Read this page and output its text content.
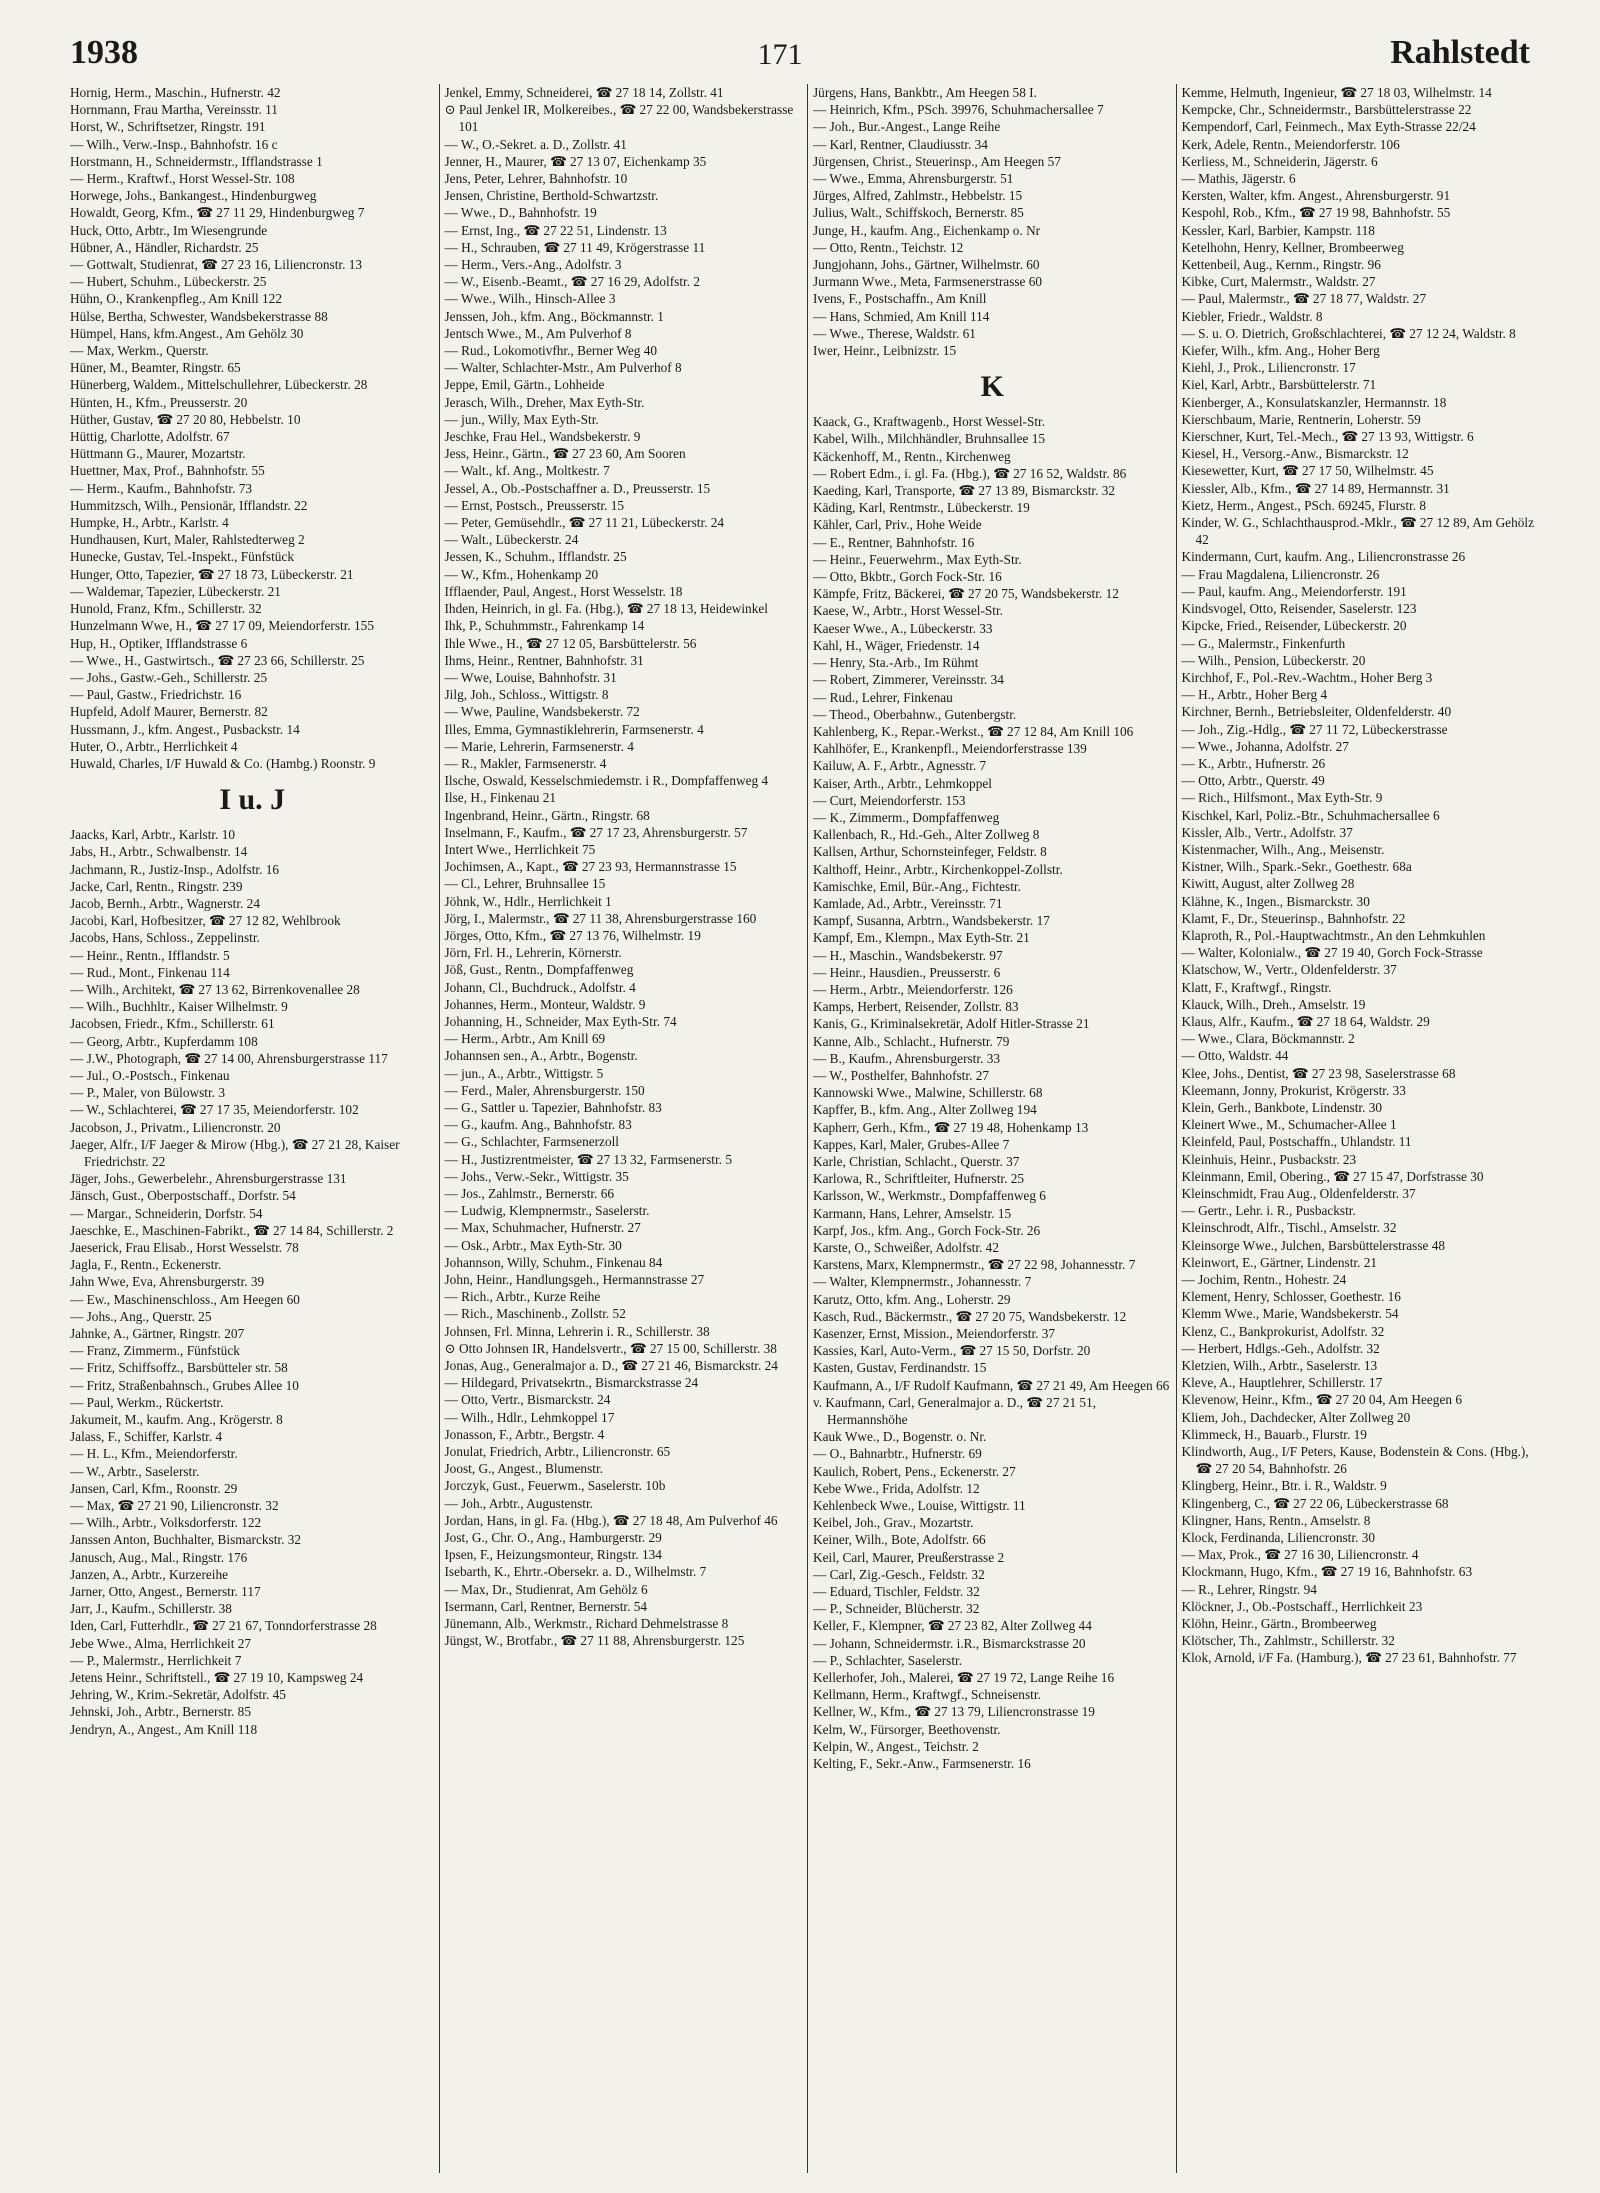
1938	171	Rahlstedt
Hornig, Herm., Maschin., Hufnerstr. 42
Hornmann, Frau Martha, Vereinsstr. 11
Horst, W., Schriftsetzer, Ringstr. 191
— Wilh., Verw.-Insp., Bahnhofstr. 16 c
Horstmann, H., Schneidermstr., Ifflandstrasse 1
— Herm., Kraftwf., Horst Wessel-Str. 108
Horwege, Johs., Bankangest., Hindenburgweg
Howaldt, Georg, Kfm., ☎ 27 11 29, Hindenburgweg 7
Huck, Otto, Arbtr., Im Wiesengrunde
Hübner, A., Händler, Richardstr. 25
— Gottwalt, Studienrat, ☎ 27 23 16, Liliencronstr. 13
— Hubert, Schuhm., Lübeckerstr. 25
Hühn, O., Krankenpfleg., Am Knill 122
Hülse, Bertha, Schwester, Wandsbekerstrasse 88
Hümpel, Hans, kfm.Angest., Am Gehölz 30
— Max, Werkm., Querstr.
Hüner, M., Beamter, Ringstr. 65
Hünerberg, Waldem., Mittelschullehrer, Lübeckerstr. 28
Hünten, H., Kfm., Preusserstr. 20
Hüther, Gustav, ☎ 27 20 80, Hebbelstr. 10
Hüttig, Charlotte, Adolfstr. 67
Hüttmann G., Maurer, Mozartstr.
Huettner, Max, Prof., Bahnhofstr. 55
— Herm., Kaufm., Bahnhofstr. 73
Hummitzsch, Wilh., Pensionär, Ifflandstr. 22
Humpke, H., Arbtr., Karlstr. 4
Hundhausen, Kurt, Maler, Rahlstedterweg 2
Hunecke, Gustav, Tel.-Inspekt., Fünfstück
Hunger, Otto, Tapezier, ☎ 27 18 73, Lübeckerstr. 21
— Waldemar, Tapezier, Lübeckerstr. 21
Hunold, Franz, Kfm., Schillerstr. 32
Hunzelmann Wwe, H., ☎ 27 17 09, Meiendorferstr. 155
Hup, H., Optiker, Ifflandstrasse 6
— Wwe., H., Gastwirtsch., ☎ 27 23 66, Schillerstr. 25
— Johs., Gastw.-Geh., Schillerstr. 25
— Paul, Gastw., Friedrichstr. 16
Hupfeld, Adolf Maurer, Bernerstr. 82
Hussmann, J., kfm. Angest., Pusbackstr. 14
Huter, O., Arbtr., Herrlichkeit 4
Huwald, Charles, I/F Huwald & Co. (Hambg.) Roonstr. 9
I u. J
Jaacks, Karl, Arbtr., Karlstr. 10
Jabs, H., Arbtr., Schwalbenstr. 14
Jachmann, R., Justiz-Insp., Adolfstr. 16
Jacke, Carl, Rentn., Ringstr. 239
Jacob, Bernh., Arbtr., Wagnerstr. 24
Jacobi, Karl, Hofbesitzer, ☎ 27 12 82, Wehlbrook
Jacobs, Hans, Schloss., Zeppelinstr.
— Heinr., Rentn., Ifflandstr. 5
— Rud., Mont., Finkenau 114
— Wilh., Architekt, ☎ 27 13 62, Birrenkovenallee 28
— Wilh., Buchhltr., Kaiser Wilhelmstr. 9
Jacobsen, Friedr., Kfm., Schillerstr. 61
— Georg, Arbtr., Kupferdamm 108
— J.W., Photograph, ☎ 27 14 00, Ahrensburgerstrasse 117
— Jul., O.-Postsch., Finkenau
— P., Maler, von Bülowstr. 3
— W., Schlachterei, ☎ 27 17 35, Meiendorferstr. 102
Jacobson, J., Privatm., Liliencronstr. 20
Jaeger, Alfr., I/F Jaeger & Mirow (Hbg.), ☎ 27 21 28, Kaiser Friedrichstr. 22
Jäger, Johs., Gewerbelehr., Ahrensburgerstrasse 131
Jänsch, Gust., Oberpostschaff., Dorfstr. 54
— Margar., Schneiderin, Dorfstr. 54
Jaeschke, E., Maschinen-Fabrikt., ☎ 27 14 84, Schillerstr. 2
Jaeserick, Frau Elisab., Horst Wesselstr. 78
Jagla, F., Rentn., Eckenerstr.
Jahn Wwe, Eva, Ahrensburgerstr. 39
— Ew., Maschinenschloss., Am Heegen 60
— Johs., Ang., Querstr. 25
Jahnke, A., Gärtner, Ringstr. 207
— Franz, Zimmerm., Fünfstück
— Fritz, Schiffsoffz., Barsbütteler str. 58
— Fritz, Straßenbahnsch., Grubes Allee 10
— Paul, Werkm., Rückertstr.
Jakumeit, M., kaufm. Ang., Krögerstr. 8
Jalass, F., Schiffer, Karlstr. 4
— H. L., Kfm., Meiendorferstr.
— W., Arbtr., Saselerstr.
Jansen, Carl, Kfm., Roonstr. 29
— Max, ☎ 27 21 90, Liliencronstr. 32
— Wilh., Arbtr., Volksdorferstr. 122
Janssen Anton, Buchhalter, Bismarckstr. 32
Janusch, Aug., Mal., Ringstr. 176
Janzen, A., Arbtr., Kurzereihe
Jarner, Otto, Angest., Bernerstr. 117
Jarr, J., Kaufm., Schillerstr. 38
Iden, Carl, Futterhdlr., ☎ 27 21 67, Tonndorferstrasse 28
Jebe Wwe., Alma, Herrlichkeit 27
— P., Malermstr., Herrlichkeit 7
Jetens Heinr., Schriftstell., ☎ 27 19 10, Kampsweg 24
Jehring, W., Krim.-Sekretär, Adolfstr. 45
Jehnski, Joh., Arbtr., Bernerstr. 85
Jendryn, A., Angest., Am Knill 118
Jenkel, Emmy, Schneiderei, ☎ 27 18 14, Zollstr. 41
⊙ Paul Jenkel IR, Molkereibes., ☎ 27 22 00, Wandsbekerstrasse 101
— W., O.-Sekret. a. D., Zollstr. 41
Jenner, H., Maurer, ☎ 27 13 07, Eichenkamp 35
Jens, Peter, Lehrer, Bahnhofstr. 10
Jensen, Christine, Berthold-Schwartzstr.
— Wwe., D., Bahnhofstr. 19
— Ernst, Ing., ☎ 27 22 51, Lindenstr. 13
— H., Schrauben, ☎ 27 11 49, Krögerstrasse 11
— Herm., Vers.-Ang., Adolfstr. 3
— W., Eisenb.-Beamt., ☎ 27 16 29, Adolfstr. 2
— Wwe., Wilh., Hinsch-Allee 3
Jenssen, Joh., kfm. Ang., Böckmannstr. 1
Jentsch Wwe., M., Am Pulverhof 8
— Rud., Lokomotivfhr., Berner Weg 40
— Walter, Schlachter-Mstr., Am Pulverhof 8
Jeppe, Emil, Gärtn., Lohheide
Jerasch, Wilh., Dreher, Max Eyth-Str.
— jun., Willy, Max Eyth-Str.
Jeschke, Frau Hel., Wandsbekerstr. 9
Jess, Heinr., Gärtn., ☎ 27 23 60, Am Sooren
— Walt., kf. Ang., Moltkestr. 7
Jessel, A., Ob.-Postschaffner a. D., Preusserstr. 15
— Ernst, Postsch., Preusserstr. 15
— Peter, Gemüsehdlr., ☎ 27 11 21, Lübeckerstr. 24
— Walt., Lübeckerstr. 24
Jessen, K., Schuhm., Ifflandstr. 25
— W., Kfm., Hohenkamp 20
Ifflaender, Paul, Angest., Horst Wesselstr. 18
Ihden, Heinrich, in gl. Fa. (Hbg.), ☎ 27 18 13, Heidewinkel
Ihk, P., Schuhmmstr., Fahrenkamp 14
Ihle Wwe., H., ☎ 27 12 05, Barsbüttelerstr. 56
Ihms, Heinr., Rentner, Bahnhofstr. 31
— Wwe, Louise, Bahnhofstr. 31
Jilg, Joh., Schloss., Wittigstr. 8
— Wwe, Pauline, Wandsbekerstr. 72
Illes, Emma, Gymnastiklehrerin, Farmsenerstr. 4
— Marie, Lehrerin, Farmsenerstr. 4
— R., Makler, Farmsenerstr. 4
Ilsche, Oswald, Kesselschmiedemstr. i R., Dompfaffenweg 4
Ilse, H., Finkenau 21
Ingenbrand, Heinr., Gärtn., Ringstr. 68
Inselmann, F., Kaufm., ☎ 27 17 23, Ahrensburgerstr. 57
Intert Wwe., Herrlichkeit 75
Jochimsen, A., Kapt., ☎ 27 23 93, Hermannstrasse 15
— Cl., Lehrer, Bruhnsallee 15
Jöhnk, W., Hdlr., Herrlichkeit 1
Jörg, I., Malermstr., ☎ 27 11 38, Ahrensburgerstrasse 160
Jörges, Otto, Kfm., ☎ 27 13 76, Wilhelmstr. 19
Jörn, Frl. H., Lehrerin, Körnerstr.
Jöß, Gust., Rentn., Dompfaffenweg
Johann, Cl., Buchdruck., Adolfstr. 4
Johannes, Herm., Monteur, Waldstr. 9
Johanning, H., Schneider, Max Eyth-Str. 74
— Herm., Arbtr., Am Knill 69
Johannsen sen., A., Arbtr., Bogenstr.
— jun., A., Arbtr., Wittigstr. 5
— Ferd., Maler, Ahrensburgerstr. 150
— G., Sattler u. Tapezier, Bahnhofstr. 83
— G., kaufm. Ang., Bahnhofstr. 83
— G., Schlachter, Farmsenerzoll
— H., Justizrentmeister, ☎ 27 13 32, Farmsenerstr. 5
— Johs., Verw.-Sekr., Wittigstr. 35
— Jos., Zahlmstr., Bernerstr. 66
— Ludwig, Klempnermstr., Saselerstr.
— Max, Schuhmacher, Hufnerstr. 27
— Osk., Arbtr., Max Eyth-Str. 30
Johannson, Willy, Schuhm., Finkenau 84
John, Heinr., Handlungsgeh., Hermannstrasse 27
— Rich., Arbtr., Kurze Reihe
— Rich., Maschinenb., Zollstr. 52
Johnsen, Frl. Minna, Lehrerin i. R., Schillerstr. 38
⊙ Otto Johnsen IR, Handelsvertr., ☎ 27 15 00, Schillerstr. 38
Jonas, Aug., Generalmajor a. D., ☎ 27 21 46, Bismarckstr. 24
— Hildegard, Privatsekrtn., Bismarckstrasse 24
— Otto, Vertr., Bismarckstr. 24
— Wilh., Hdlr., Lehmkoppel 17
Jonasson, F., Arbtr., Bergstr. 4
Jonulat, Friedrich, Arbtr., Liliencronstr. 65
Joost, G., Angest., Blumenstr.
Jorczyk, Gust., Feuerwm., Saselerstr. 10b
— Joh., Arbtr., Augustenstr.
Jordan, Hans, in gl. Fa. (Hbg.), ☎ 27 18 48, Am Pulverhof 46
Jost, G., Chr. O., Ang., Hamburgerstr. 29
Ipsen, F., Heizungsmonteur, Ringstr. 134
Isebarth, K., Ehrtr.-Obersekr. a. D., Wilhelmstr. 7
— Max, Dr., Studienrat, Am Gehölz 6
Isermann, Carl, Rentner, Bernerstr. 54
Jünemann, Alb., Werkmstr., Richard Dehmelstrasse 8
Jüngst, W., Brotfabr., ☎ 27 11 88, Ahrensburgerstr. 125
Jürgens, Hans, Bankbtr., Am Heegen 58 I.
— Heinrich, Kfm., PSch. 39976, Schuhmachersallee 7
— Joh., Bur.-Angest., Lange Reihe
— Karl, Rentner, Claudiusstr. 34
Jürgensen, Christ., Steuerinsp., Am Heegen 57
— Wwe., Emma, Ahrensburgerstr. 51
Jürges, Alfred, Zahlmstr., Hebbelstr. 15
Julius, Walt., Schiffskoch, Bernerstr. 85
Junge, H., kaufm. Ang., Eichenkamp o. Nr
— Otto, Rentn., Teichstr. 12
Jungjohann, Johs., Gärtner, Wilhelmstr. 60
Jurmann Wwe., Meta, Farmsenerstrasse 60
Ivens, F., Postschaffn., Am Knill
— Hans, Schmied, Am Knill 114
— Wwe., Therese, Waldstr. 61
Iwer, Heinr., Leibnizstr. 15
K
Kaack, G., Kraftwagenb., Horst Wessel-Str.
Kabel, Wilh., Milchhändler, Bruhnsallee 15
Käckenhoff, M., Rentn., Kirchenweg
— Robert Edm., i. gl. Fa. (Hbg.), ☎ 27 16 52, Waldstr. 86
Kaeding, Karl, Transporte, ☎ 27 13 89, Bismarckstr. 32
Käding, Karl, Rentmstr., Lübeckerstr. 19
Kähler, Carl, Priv., Hohe Weide
— E., Rentner, Bahnhofstr. 16
— Heinr., Feuerwehrm., Max Eyth-Str.
— Otto, Bkbtr., Gorch Fock-Str. 16
Kämpfe, Fritz, Bäckerei, ☎ 27 20 75, Wandsbekerstr. 12
Kaese, W., Arbtr., Horst Wessel-Str.
Kaeser Wwe., A., Lübeckerstr. 33
Kahl, H., Wäger, Friedenstr. 14
— Henry, Sta.-Arb., Im Rühmt
— Robert, Zimmerer, Vereinsstr. 34
— Rud., Lehrer, Finkenau
— Theod., Oberbahnw., Gutenbergstr.
Kahlenberg, K., Repar.-Werkst., ☎ 27 12 84, Am Knill 106
Kahlhöfer, E., Krankenpfl., Meiendorferstrasse 139
Kailuw, A. F., Arbtr., Agnesstr. 7
Kaiser, Arth., Arbtr., Lehmkoppel
— Curt, Meiendorferstr. 153
— K., Zimmerm., Dompfaffenweg
Kallenbach, R., Hd.-Geh., Alter Zollweg 8
Kallsen, Arthur, Schornsteinfeger, Feldstr. 8
Kalthoff, Heinr., Arbtr., Kirchenkoppel-Zollstr.
Kamischke, Emil, Bür.-Ang., Fichtestr.
Kamlade, Ad., Arbtr., Vereinsstr. 71
Kampf, Susanna, Arbtrn., Wandsbekerstr. 17
Kampf, Em., Klempn., Max Eyth-Str. 21
— H., Maschin., Wandsbekerstr. 97
— Heinr., Hausdien., Preusserstr. 6
— Herm., Arbtr., Meiendorferstr. 126
Kamps, Herbert, Reisender, Zollstr. 83
Kanis, G., Kriminalsekretär, Adolf Hitler-Strasse 21
Kanne, Alb., Schlacht., Hufnerstr. 79
— B., Kaufm., Ahrensburgerstr. 33
— W., Posthelfer, Bahnhofstr. 27
Kannowski Wwe., Malwine, Schillerstr. 68
Kapffer, B., kfm. Ang., Alter Zollweg 194
Kapherr, Gerh., Kfm., ☎ 27 19 48, Hohenkamp 13
Kappes, Karl, Maler, Grubes-Allee 7
Karle, Christian, Schlacht., Querstr. 37
Karlowa, R., Schriftleiter, Hufnerstr. 25
Karlsson, W., Werkmstr., Dompfaffenweg 6
Karmann, Hans, Lehrer, Amselstr. 15
Karpf, Jos., kfm. Ang., Gorch Fock-Str. 26
Karste, O., Schweißer, Adolfstr. 42
Karstens, Marx, Klempnermstr., ☎ 27 22 98, Johannesstr. 7
— Walter, Klempnermstr., Johannesstr. 7
Karutz, Otto, kfm. Ang., Loherstr. 29
Kasch, Rud., Bäckermstr., ☎ 27 20 75, Wandsbekerstr. 12
Kasenzer, Ernst, Mission., Meiendorferstr. 37
Kassies, Karl, Auto-Verm., ☎ 27 15 50, Dorfstr. 20
Kasten, Gustav, Ferdinandstr. 15
Kaufmann, A., I/F Rudolf Kaufmann, ☎ 27 21 49, Am Heegen 66
v. Kaufmann, Carl, Generalmajor a. D., ☎ 27 21 51, Hermannshöhe
Kauk Wwe., D., Bogenstr. o. Nr.
— O., Bahnarbtr., Hufnerstr. 69
Kaulich, Robert, Pens., Eckenerstr. 27
Kebe Wwe., Frida, Adolfstr. 12
Kehlenbeck Wwe., Louise, Wittigstr. 11
Keibel, Joh., Grav., Mozartstr.
Keiner, Wilh., Bote, Adolfstr. 66
Keil, Carl, Maurer, Preußerstrasse 2
— Carl, Zig.-Gesch., Feldstr. 32
— Eduard, Tischler, Feldstr. 32
— P., Schneider, Blücherstr. 32
Keller, F., Klempner, ☎ 27 23 82, Alter Zollweg 44
— Johann, Schneidermstr. i.R., Bismarckstrasse 20
— P., Schlachter, Saselerstr.
Kellerhofer, Joh., Malerei, ☎ 27 19 72, Lange Reihe 16
Kellmann, Herm., Kraftwgf., Schneisenstr.
Kellner, W., Kfm., ☎ 27 13 79, Liliencronstrasse 19
Kelm, W., Fürsorger, Beethovenstr.
Kelpin, W., Angest., Teichstr. 2
Kelting, F., Sekr.-Anw., Farmsenerstr. 16
Kemme, Helmuth, Ingenieur, ☎ 27 18 03, Wilhelmstr. 14
Kempcke, Chr., Schneidermstr., Barsbüttelerstrasse 22
Kempendorf, Carl, Feinmech., Max Eyth-Strasse 22/24
Kerk, Adele, Rentn., Meiendorferstr. 106
Kerliess, M., Schneiderin, Jägerstr. 6
— Mathis, Jägerstr. 6
Kersten, Walter, kfm. Angest., Ahrensburgerstr. 91
Kespohl, Rob., Kfm., ☎ 27 19 98, Bahnhofstr. 55
Kessler, Karl, Barbier, Kampstr. 118
Ketelhohn, Henry, Kellner, Brombeerweg
Kettenbeil, Aug., Kernm., Ringstr. 96
Kibke, Curt, Malermstr., Waldstr. 27
— Paul, Malermstr., ☎ 27 18 77, Waldstr. 27
Kiebler, Friedr., Waldstr. 8
— S. u. O. Dietrich, Großschlachterei, ☎ 27 12 24, Waldstr. 8
Kiefer, Wilh., kfm. Ang., Hoher Berg
Kiehl, J., Prok., Liliencronstr. 17
Kiel, Karl, Arbtr., Barsbüttelerstr. 71
Kienberger, A., Konsulatskanzler, Hermannstr. 18
Kierschbaum, Marie, Rentnerin, Loherstr. 59
Kierschner, Kurt, Tel.-Mech., ☎ 27 13 93, Wittigstr. 6
Kiesel, H., Versorg.-Anw., Bismarckstr. 12
Kiesewetter, Kurt, ☎ 27 17 50, Wilhelmstr. 45
Kiessler, Alb., Kfm., ☎ 27 14 89, Hermannstr. 31
Kietz, Herm., Angest., PSch. 69245, Flurstr. 8
Kinder, W. G., Schlachthausprod.-Mklr., ☎ 27 12 89, Am Gehölz 42
Kindermann, Curt, kaufm. Ang., Liliencronstrasse 26
— Frau Magdalena, Liliencronstr. 26
— Paul, kaufm. Ang., Meiendorferstr. 191
Kindsvogel, Otto, Reisender, Saselerstr. 123
Kipcke, Fried., Reisender, Lübeckerstr. 20
— G., Malermstr., Finkenfurth
— Wilh., Pension, Lübeckerstr. 20
Kirchhof, F., Pol.-Rev.-Wachtm., Hoher Berg 3
— H., Arbtr., Hoher Berg 4
Kirchner, Bernh., Betriebsleiter, Oldenfelderstr. 40
— Joh., Zig.-Hdlg., ☎ 27 11 72, Lübeckerstrasse
— Wwe., Johanna, Adolfstr. 27
— K., Arbtr., Hufnerstr. 26
— Otto, Arbtr., Querstr. 49
— Rich., Hilfsmont., Max Eyth-Str. 9
Kischkel, Karl, Poliz.-Btr., Schuhmachersallee 6
Kissler, Alb., Vertr., Adolfstr. 37
Kistenmacher, Wilh., Ang., Meisenstr.
Kistner, Wilh., Spark.-Sekr., Goethestr. 68a
Kiwitt, August, alter Zollweg 28
Klähne, K., Ingen., Bismarckstr. 30
Klamt, F., Dr., Steuerinsp., Bahnhofstr. 22
Klaproth, R., Pol.-Hauptwachtmstr., An den Lehmkuhlen
— Walter, Kolonialw., ☎ 27 19 40, Gorch Fock-Strasse
Klatschow, W., Vertr., Oldenfelderstr. 37
Klatt, F., Kraftwgf., Ringstr.
Klauck, Wilh., Dreh., Amselstr. 19
Klaus, Alfr., Kaufm., ☎ 27 18 64, Waldstr. 29
— Wwe., Clara, Böckmannstr. 2
— Otto, Waldstr. 44
Klee, Johs., Dentist, ☎ 27 23 98, Saselerstrasse 68
Kleemann, Jonny, Prokurist, Krögerstr. 33
Klein, Gerh., Bankbote, Lindenstr. 30
Kleinert Wwe., M., Schumacher-Allee 1
Kleinfeld, Paul, Postschaffn., Uhlandstr. 11
Kleinhuis, Heinr., Pusbackstr. 23
Kleinmann, Emil, Obering., ☎ 27 15 47, Dorfstrasse 30
Kleinschmidt, Frau Aug., Oldenfelderstr. 37
— Gertr., Lehr. i. R., Pusbackstr.
Kleinschrodt, Alfr., Tischl., Amselstr. 32
Kleinsorge Wwe., Julchen, Barsbüttelerstrasse 48
Kleinwort, E., Gärtner, Lindenstr. 21
— Jochim, Rentn., Hohestr. 24
Klement, Henry, Schlosser, Goethestr. 16
Klemm Wwe., Marie, Wandsbekerstr. 54
Klenz, C., Bankprokurist, Adolfstr. 32
— Herbert, Hdlgs.-Geh., Adolfstr. 32
Kletzien, Wilh., Arbtr., Saselerstr. 13
Kleve, A., Hauptlehrer, Schillerstr. 17
Klevenow, Heinr., Kfm., ☎ 27 20 04, Am Heegen 6
Kliem, Joh., Dachdecker, Alter Zollweg 20
Klimmeck, H., Bauarb., Flurstr. 19
Klindworth, Aug., I/F Peters, Kause, Bodenstein & Cons. (Hbg.), ☎ 27 20 54, Bahnhofstr. 26
Klingberg, Heinr., Btr. i. R., Waldstr. 9
Klingenberg, C., ☎ 27 22 06, Lübeckerstrasse 68
Klingner, Hans, Rentn., Amselstr. 8
Klock, Ferdinanda, Liliencronstr. 30
— Max, Prok., ☎ 27 16 30, Liliencronstr. 4
Klockmann, Hugo, Kfm., ☎ 27 19 16, Bahnhofstr. 63
— R., Lehrer, Ringstr. 94
Klöckner, J., Ob.-Postschaff., Herrlichkeit 23
Klöhn, Heinr., Gärtn., Brombeerweg
Klötscher, Th., Zahlmstr., Schillerstr. 32
Klok, Arnold, i/F Fa. (Hamburg.), ☎ 27 23 61, Bahnhofstr. 77
